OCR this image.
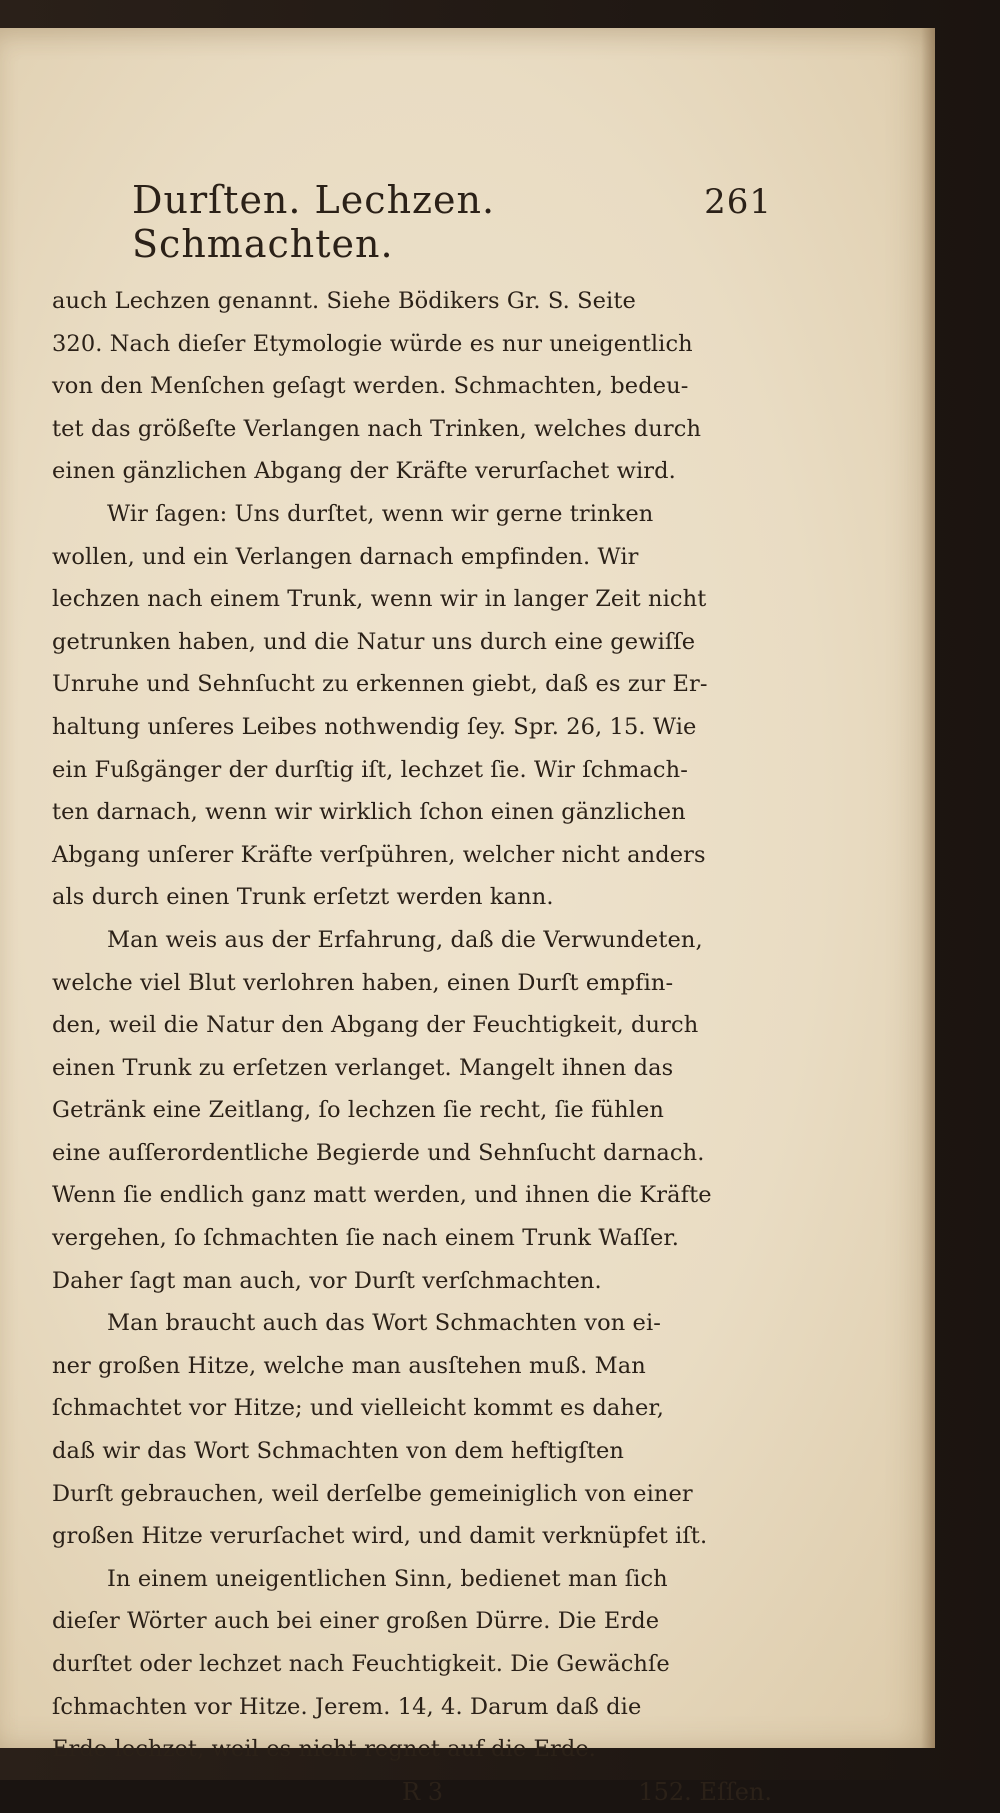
Durſten. Lechzen. Schmachten.
261
auch Lechzen genannt. Siehe Bödikers Gr. S. Seite
320. Nach dieſer Etymologie würde es nur uneigentlich
von den Menſchen geſagt werden. Schmachten, bedeu-
tet das größeſte Verlangen nach Trinken, welches durch
einen gänzlichen Abgang der Kräfte verurſachet wird.
Wir ſagen: Uns durſtet, wenn wir gerne trinken
wollen, und ein Verlangen darnach empfinden. Wir
lechzen nach einem Trunk, wenn wir in langer Zeit nicht
getrunken haben, und die Natur uns durch eine gewiſſe
Unruhe und Sehnſucht zu erkennen giebt, daß es zur Er-
haltung unſeres Leibes nothwendig ſey. Spr. 26, 15. Wie
ein Fußgänger der durſtig iſt, lechzet ſie. Wir ſchmach-
ten darnach, wenn wir wirklich ſchon einen gänzlichen
Abgang unſerer Kräfte verſpühren, welcher nicht anders
als durch einen Trunk erſetzt werden kann.
Man weis aus der Erfahrung, daß die Verwundeten,
welche viel Blut verlohren haben, einen Durſt empfin-
den, weil die Natur den Abgang der Feuchtigkeit, durch
einen Trunk zu erſetzen verlanget. Mangelt ihnen das
Getränk eine Zeitlang, ſo lechzen ſie recht, ſie fühlen
eine auſſerordentliche Begierde und Sehnſucht darnach.
Wenn ſie endlich ganz matt werden, und ihnen die Kräfte
vergehen, ſo ſchmachten ſie nach einem Trunk Waſſer.
Daher ſagt man auch, vor Durſt verſchmachten.
Man braucht auch das Wort Schmachten von ei-
ner großen Hitze, welche man ausſtehen muß. Man
ſchmachtet vor Hitze; und vielleicht kommt es daher,
daß wir das Wort Schmachten von dem heftigſten
Durſt gebrauchen, weil derſelbe gemeiniglich von einer
großen Hitze verurſachet wird, und damit verknüpfet iſt.
In einem uneigentlichen Sinn, bedienet man ſich
dieſer Wörter auch bei einer großen Dürre. Die Erde
durſtet oder lechzet nach Feuchtigkeit. Die Gewächſe
ſchmachten vor Hitze. Jerem. 14, 4. Darum daß die
Erde lechzet, weil es nicht regnet auf die Erde.
R 3	152. Eſſen.
